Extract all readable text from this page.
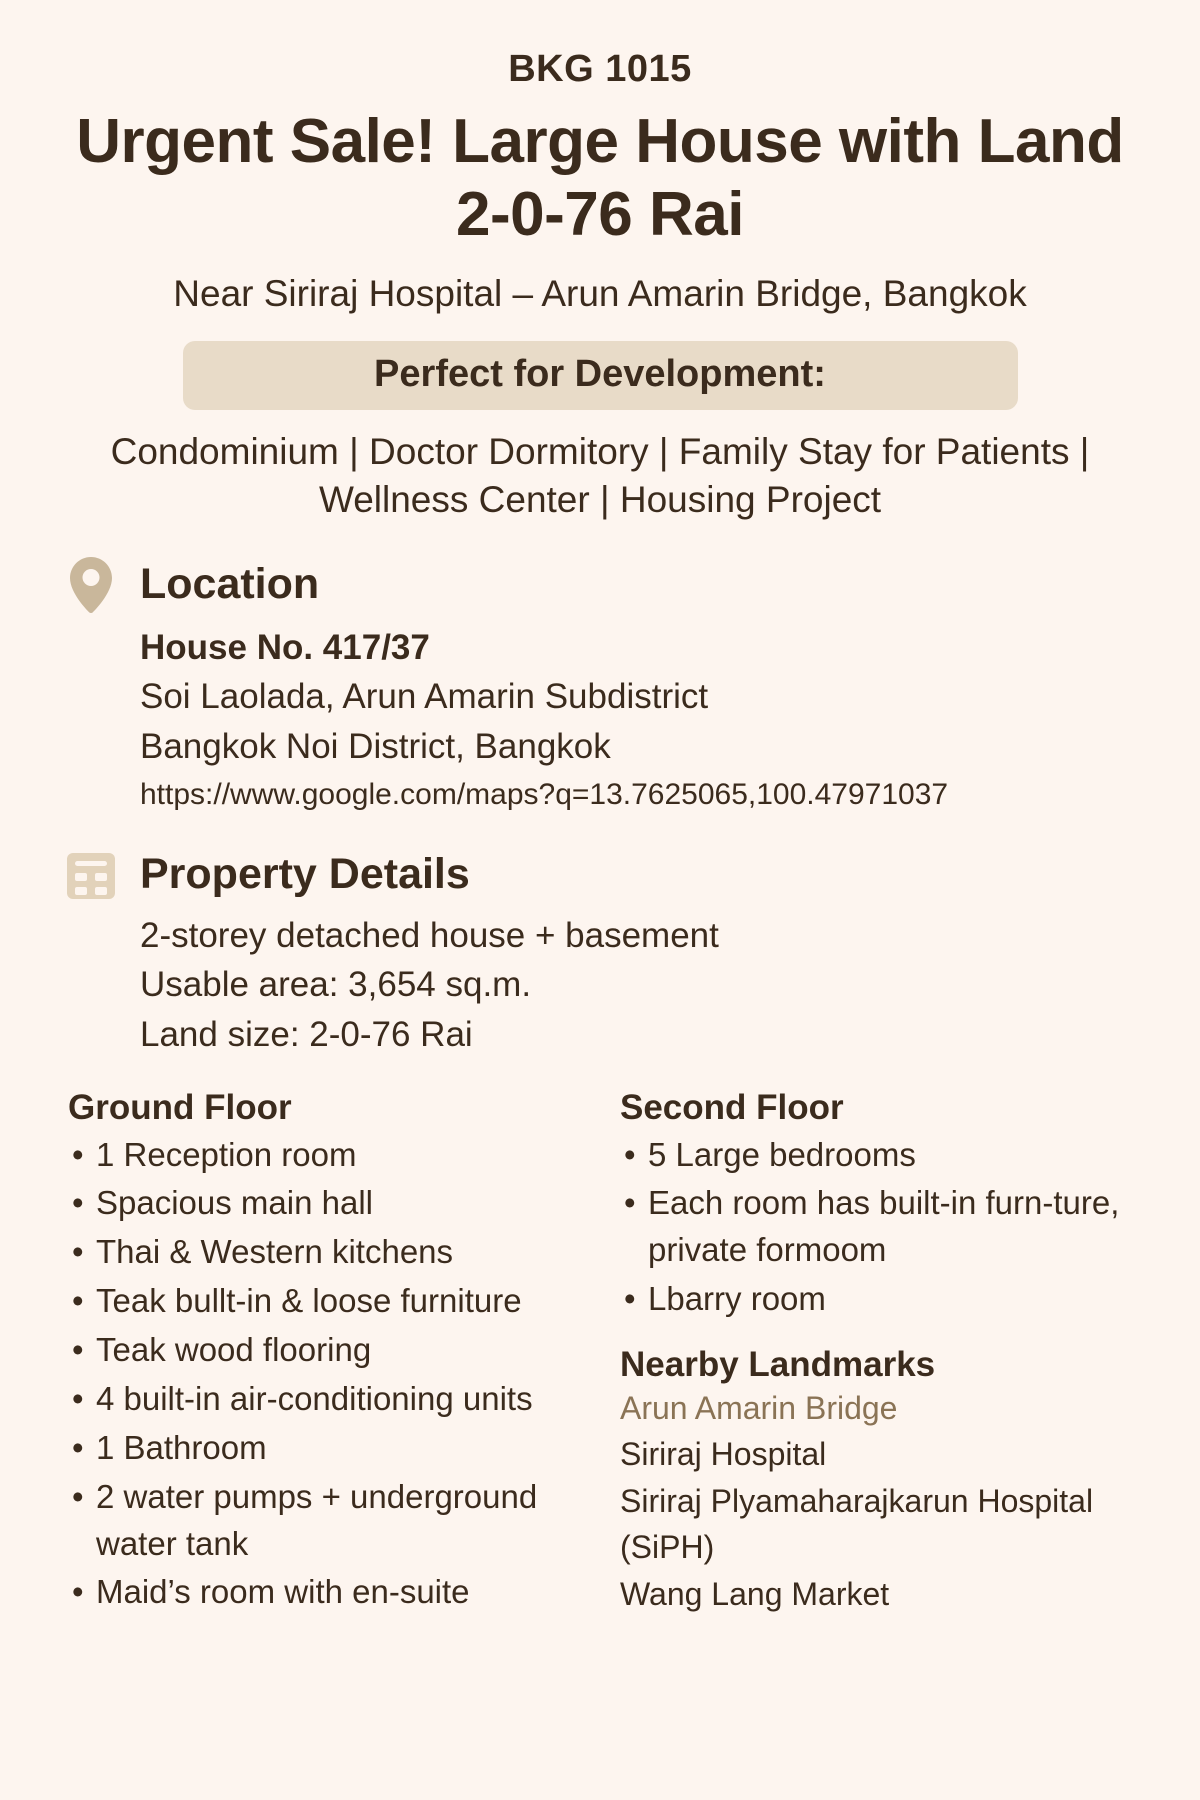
BKG 1015
Urgent Sale! Large House with Land 2-0-76 Rai
Near Siriraj Hospital – Arun Amarin Bridge, Bangkok
Perfect for Development:
Condominium | Doctor Dormitory | Family Stay for Patients | Wellness Center | Housing Project
Location
House No. 417/37
Soi Laolada, Arun Amarin Subdistrict
Bangkok Noi District, Bangkok
https://www.google.com/maps?q=13.7625065,100.47971037
Property Details
2-storey detached house + basement
Usable area: 3,654 sq.m.
Land size: 2-0-76 Rai
Ground Floor
• 1 Reception room
• Spacious main hall
• Thai & Western kitchens
• Teak bullt-in & loose furniture
• Teak wood flooring
• 4 built-in air-conditioning units
• 1 Bathroom
• 2 water pumps + underground water tank
• Maid’s room with en-suite
Second Floor
• 5 Large bedrooms
• Each room has built-in furn-ture, private formoom
• Lbarry room
Nearby Landmarks
Arun Amarin Bridge
Siriraj Hospital
Siriraj Plyamaharajkarun Hospital (SiPH)
Wang Lang Market
